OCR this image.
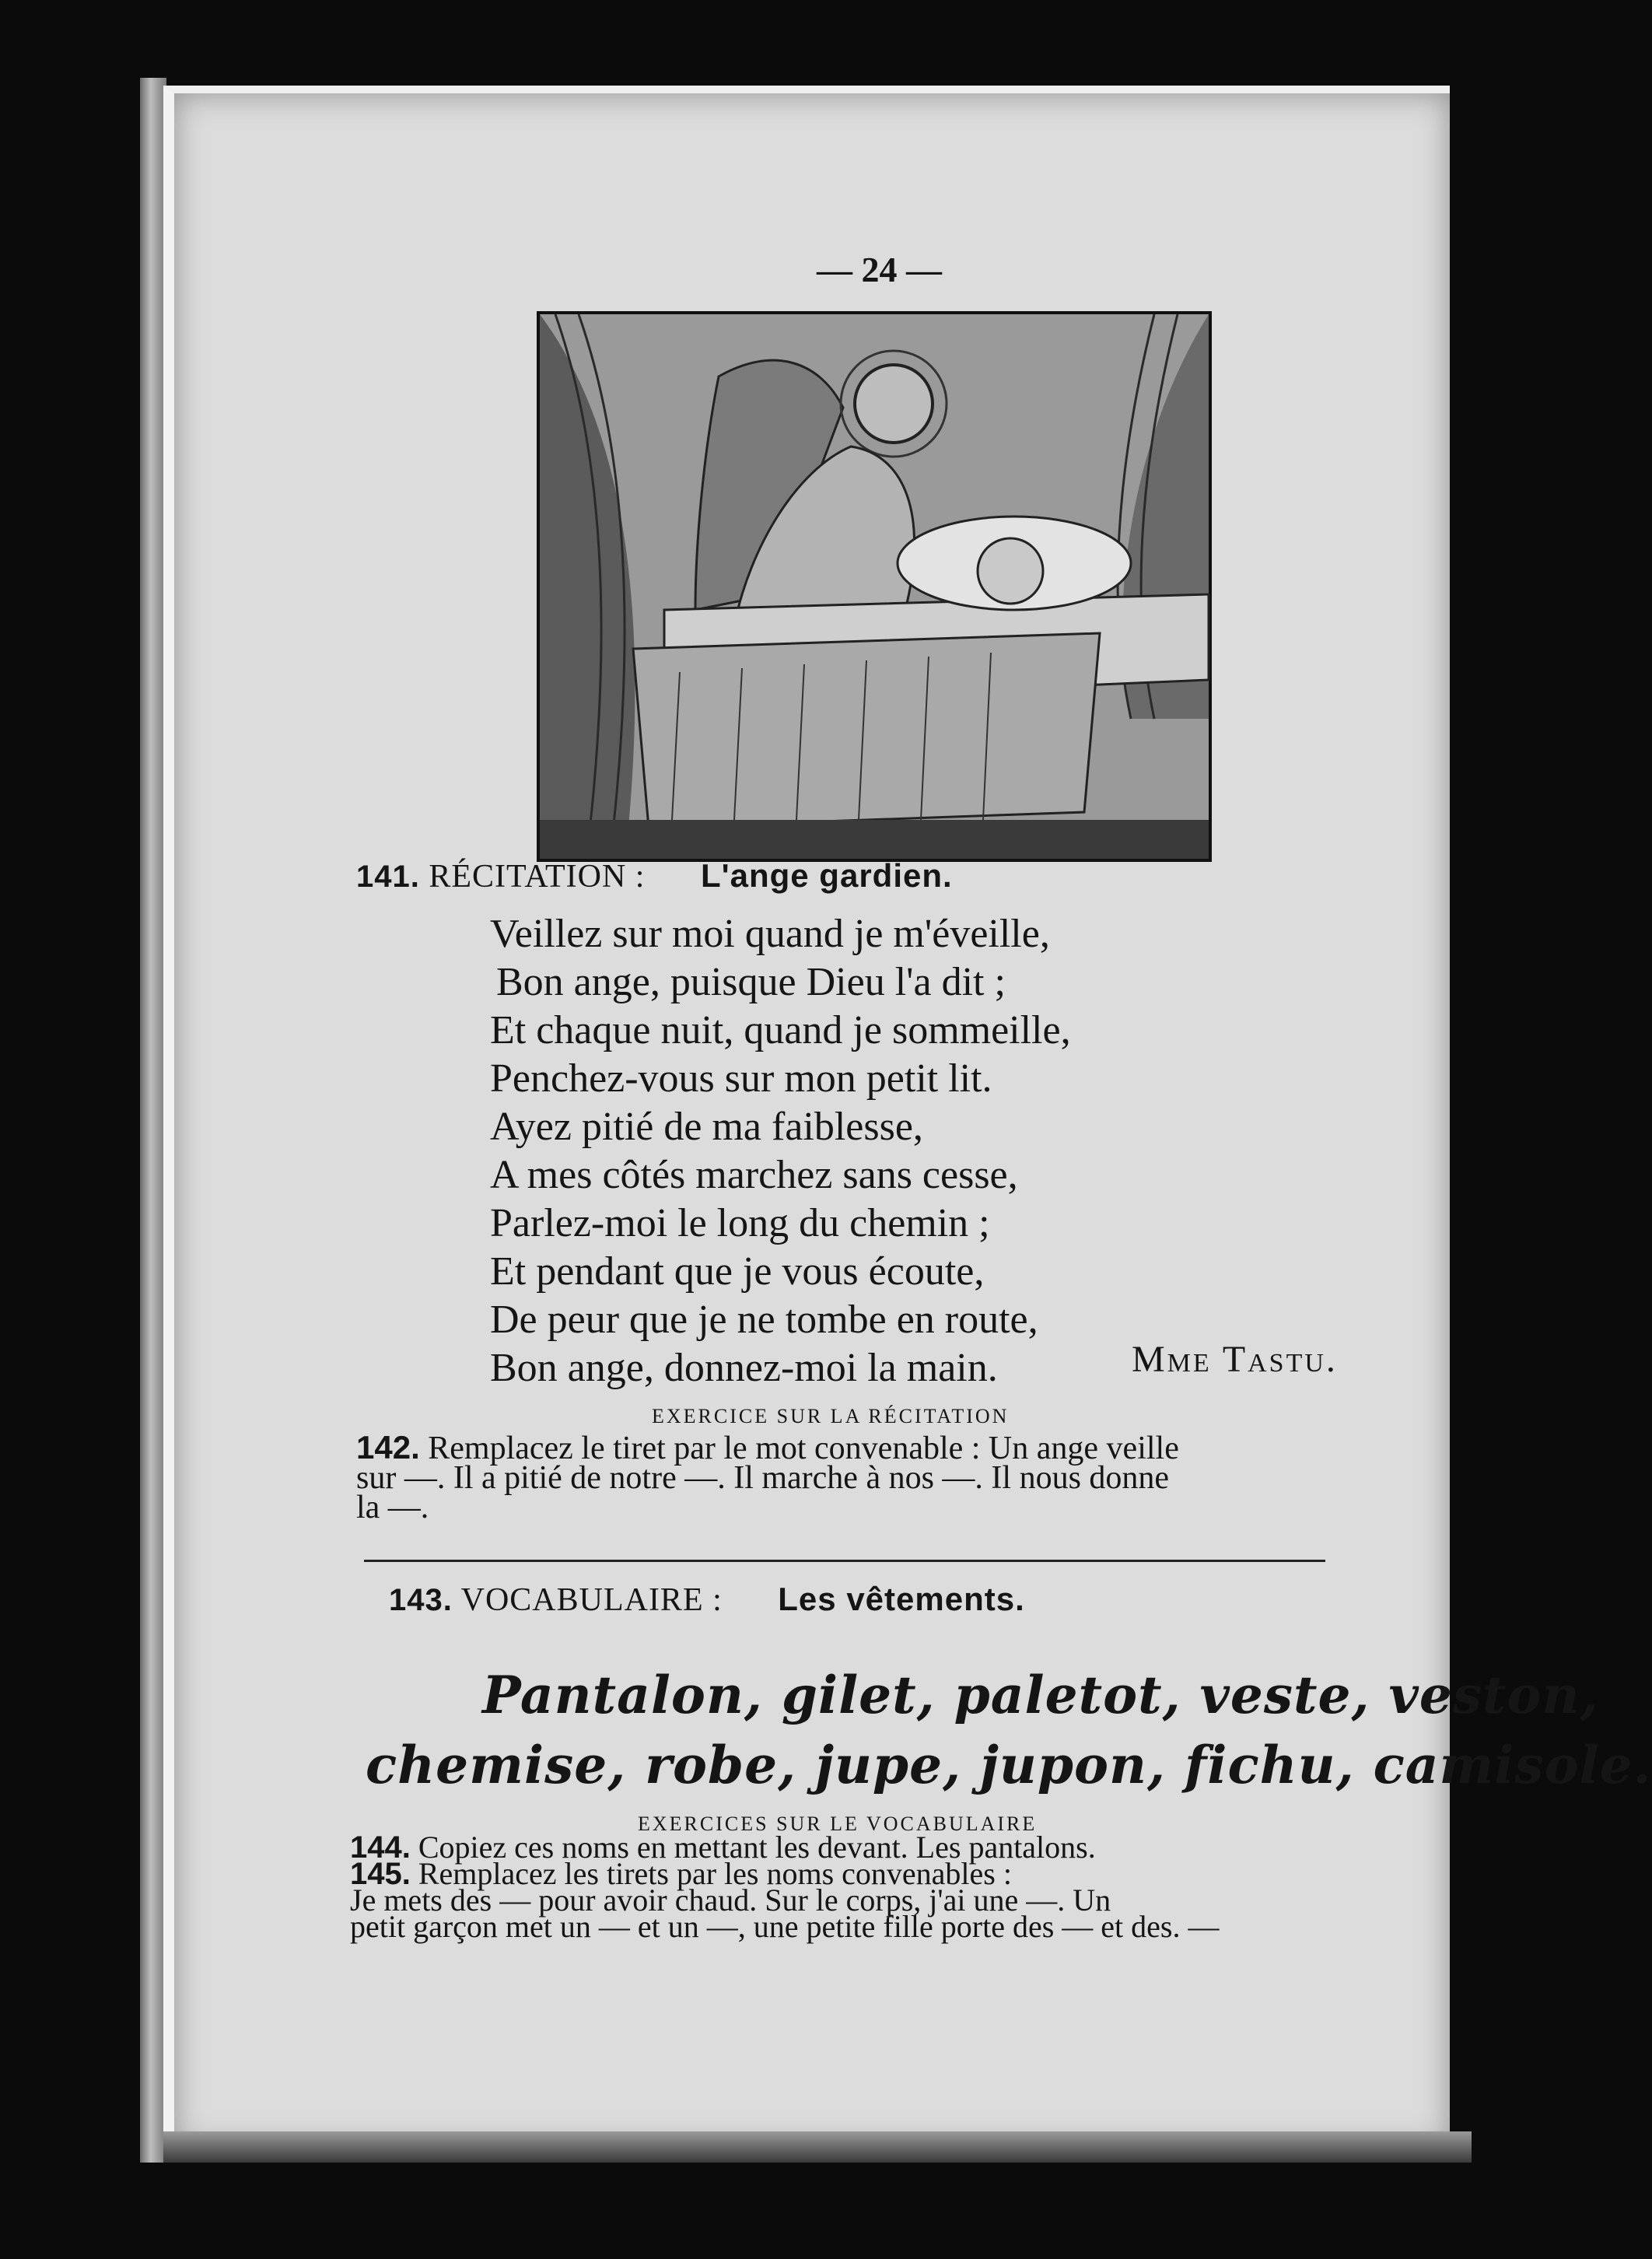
— 24 —
141. RÉCITATION : L'ange gardien.
Veillez sur moi quand je m'éveille,
Bon ange, puisque Dieu l'a dit ;
Et chaque nuit, quand je sommeille,
Penchez-vous sur mon petit lit.
Ayez pitié de ma faiblesse,
A mes côtés marchez sans cesse,
Parlez-moi le long du chemin ;
Et pendant que je vous écoute,
De peur que je ne tombe en route,
Bon ange, donnez-moi la main.	Mme Tastu.
EXERCICE SUR LA RÉCITATION
142. Remplacez le tiret par le mot convenable : Un ange veille
sur —. Il a pitié de notre —. Il marche à nos —. Il nous donne
la —.
143. VOCABULAIRE : Les vêtements.
Pantalon, gilet, paletot, veste, veston,
chemise, robe, jupe, jupon, fichu, camisole.
EXERCICES SUR LE VOCABULAIRE
144. Copiez ces noms en mettant les devant. Les pantalons.
145. Remplacez les tirets par les noms convenables :
Je mets des — pour avoir chaud. Sur le corps, j'ai une —. Un
petit garçon met un — et un —, une petite fille porte des — et des. —
